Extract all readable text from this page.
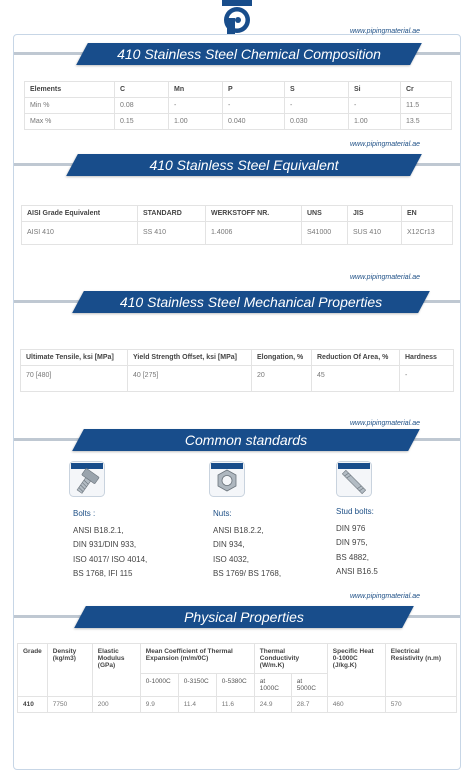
www.pipingmaterial.ae
410 Stainless Steel Chemical Composition
Elements	C	Mn	P	S	Si	Cr
Min %	0.08	-	-	-	-	11.5
Max %	0.15	1.00	0.040	0.030	1.00	13.5
www.pipingmaterial.ae
410 Stainless Steel Equivalent
AISI Grade Equivalent	STANDARD	WERKSTOFF NR.	UNS	JIS	EN
AISI 410	SS 410	1.4006	S41000	SUS 410	X12Cr13
www.pipingmaterial.ae
410 Stainless Steel Mechanical Properties
Ultimate Tensile, ksi [MPa]	Yield Strength Offset, ksi [MPa]	Elongation, %	Reduction Of Area, %	Hardness
70 [480]	40 [275]	20	45	-
www.pipingmaterial.ae
Common standards
Bolts :
ANSI B18.2.1,
DIN 931/DIN 933,
ISO 4017/ ISO 4014,
BS 1768, IFI 115
Nuts:
ANSI B18.2.2,
DIN 934,
ISO 4032,
BS 1769/ BS 1768,
Stud bolts:
DIN 976
DIN 975,
BS 4882,
ANSI B16.5
www.pipingmaterial.ae
Physical Properties
Grade	Density (kg/m3)	Elastic Modulus (GPa)	Mean Coefficient of Thermal Expansion (m/m/0C)			Thermal Conductivity (W/m.K)		Specific Heat 0-1000C (J/kg.K)	Electrical Resistivity (n.m)
			0-1000C	0-3150C	0-5380C	at 1000C	at 5000C		
410	7750	200	9.9	11.4	11.6	24.9	28.7	460	570
